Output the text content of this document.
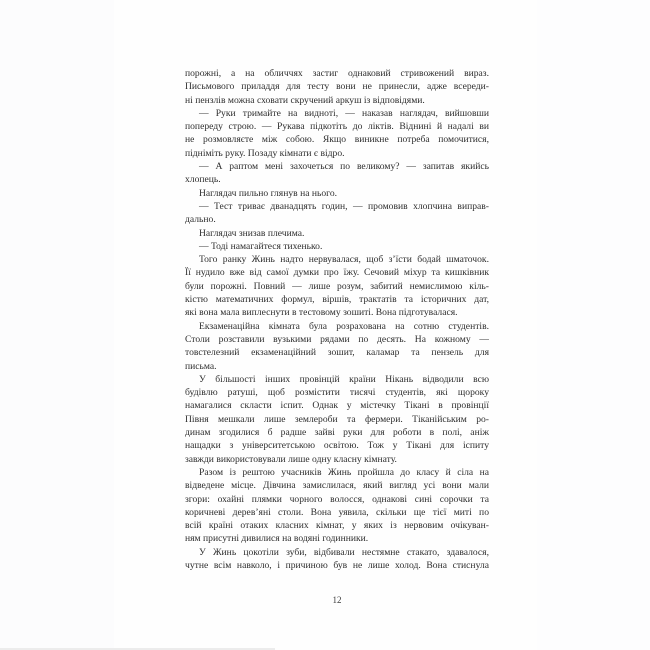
порожні, а на обличчях застиг однаковий стривожений вираз.
Письмового приладдя для тесту вони не принесли, адже всереди-
ні пензлів можна сховати скручений аркуш із відповідями.
— Руки тримайте на видноті, — наказав наглядач, вийшовши
попереду строю. — Рукава підкотіть до ліктів. Віднині й надалі ви
не розмовляєте між собою. Якщо виникне потреба помочитися,
підніміть руку. Позаду кімнати є відро.
— А раптом мені захочеться по великому? — запитав якийсь
хлопець.
Наглядач пильно глянув на нього.
— Тест триває дванадцять годин, — промовив хлопчина виправ-
дально.
Наглядач знизав плечима.
— Тоді намагайтеся тихенько.
Того ранку Жинь надто нервувалася, щоб з’їсти бодай шматочок.
Її нудило вже від самої думки про їжу. Сечовий міхур та кишківник
були порожні. Повний — лише розум, забитий немислимою кіль-
кістю математичних формул, віршів, трактатів та історичних дат,
які вона мала виплеснути в тестовому зошиті. Вона підготувалася.
Екзаменаційна кімната була розрахована на сотню студентів.
Столи розставили вузькими рядами по десять. На кожному —
товстелезний екзаменаційний зошит, каламар та пензель для
письма.
У більшості інших провінцій країни Нікань відводили всю
будівлю ратуші, щоб розмістити тисячі студентів, які щороку
намагалися скласти іспит. Однак у містечку Тікані в провінції
Півня мешкали лише землероби та фермери. Тіканійським ро-
динам згодилися б радше зайві руки для роботи в полі, аніж
нащадки з університетською освітою. Тож у Тікані для іспиту
завжди використовували лише одну класну кімнату.
Разом із рештою учасників Жинь пройшла до класу й сіла на
відведене місце. Дівчина замислилася, який вигляд усі вони мали
згори: охайні плямки чорного волосся, однакові сині сорочки та
коричневі дерев’яні столи. Вона уявила, скільки ще тієї миті по
всій країні отаких класних кімнат, у яких із нервовим очікуван-
ням присутні дивилися на водяні годинники.
У Жинь цокотіли зуби, відбивали нестямне стакато, здавалося,
чутне всім навколо, і причиною був не лише холод. Вона стиснула
12
